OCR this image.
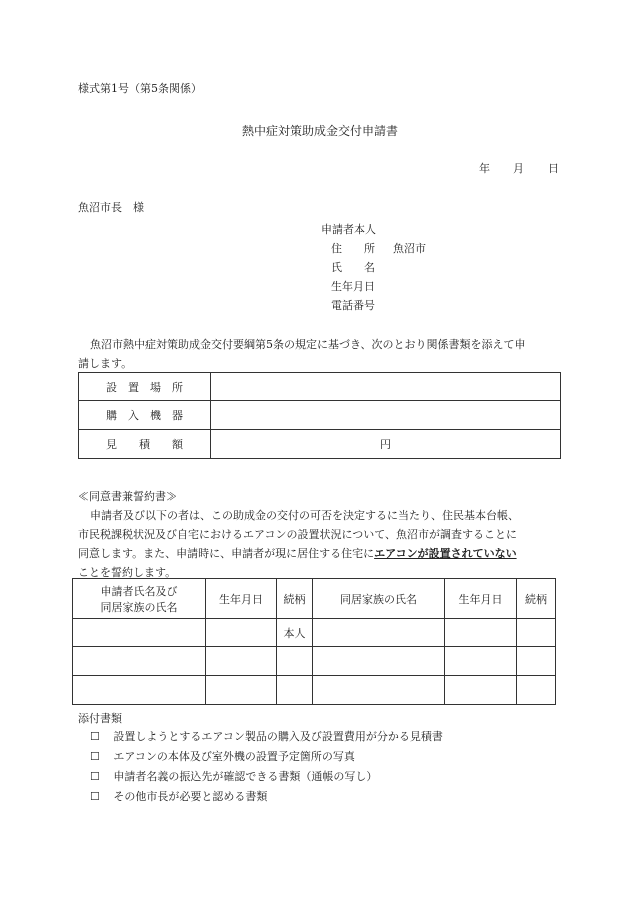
様式第1号（第5条関係）
熱中症対策助成金交付申請書
年 月 日
魚沼市長　様
申請者本人
住　　所 魚沼市
氏　　名
生年月日
電話番号
魚沼市熱中症対策助成金交付要綱第5条の規定に基づき、次のとおり関係書類を添えて申
請します。
設　置　場　所	
購　入　機　器	
見　　積　　額	円
≪同意書兼誓約書≫
申請者及び以下の者は、この助成金の交付の可否を決定するに当たり、住民基本台帳、
市民税課税状況及び自宅におけるエアコンの設置状況について、魚沼市が調査することに
同意します。また、申請時に、申請者が現に居住する住宅にエアコンが設置されていない
ことを誓約します。
申請者氏名及び
同居家族の氏名	生年月日	続柄	同居家族の氏名	生年月日	続柄
		本人			

添付書類
☐ 設置しようとするエアコン製品の購入及び設置費用が分かる見積書
☐ エアコンの本体及び室外機の設置予定箇所の写真
☐ 申請者名義の振込先が確認できる書類（通帳の写し）
☐ その他市長が必要と認める書類
